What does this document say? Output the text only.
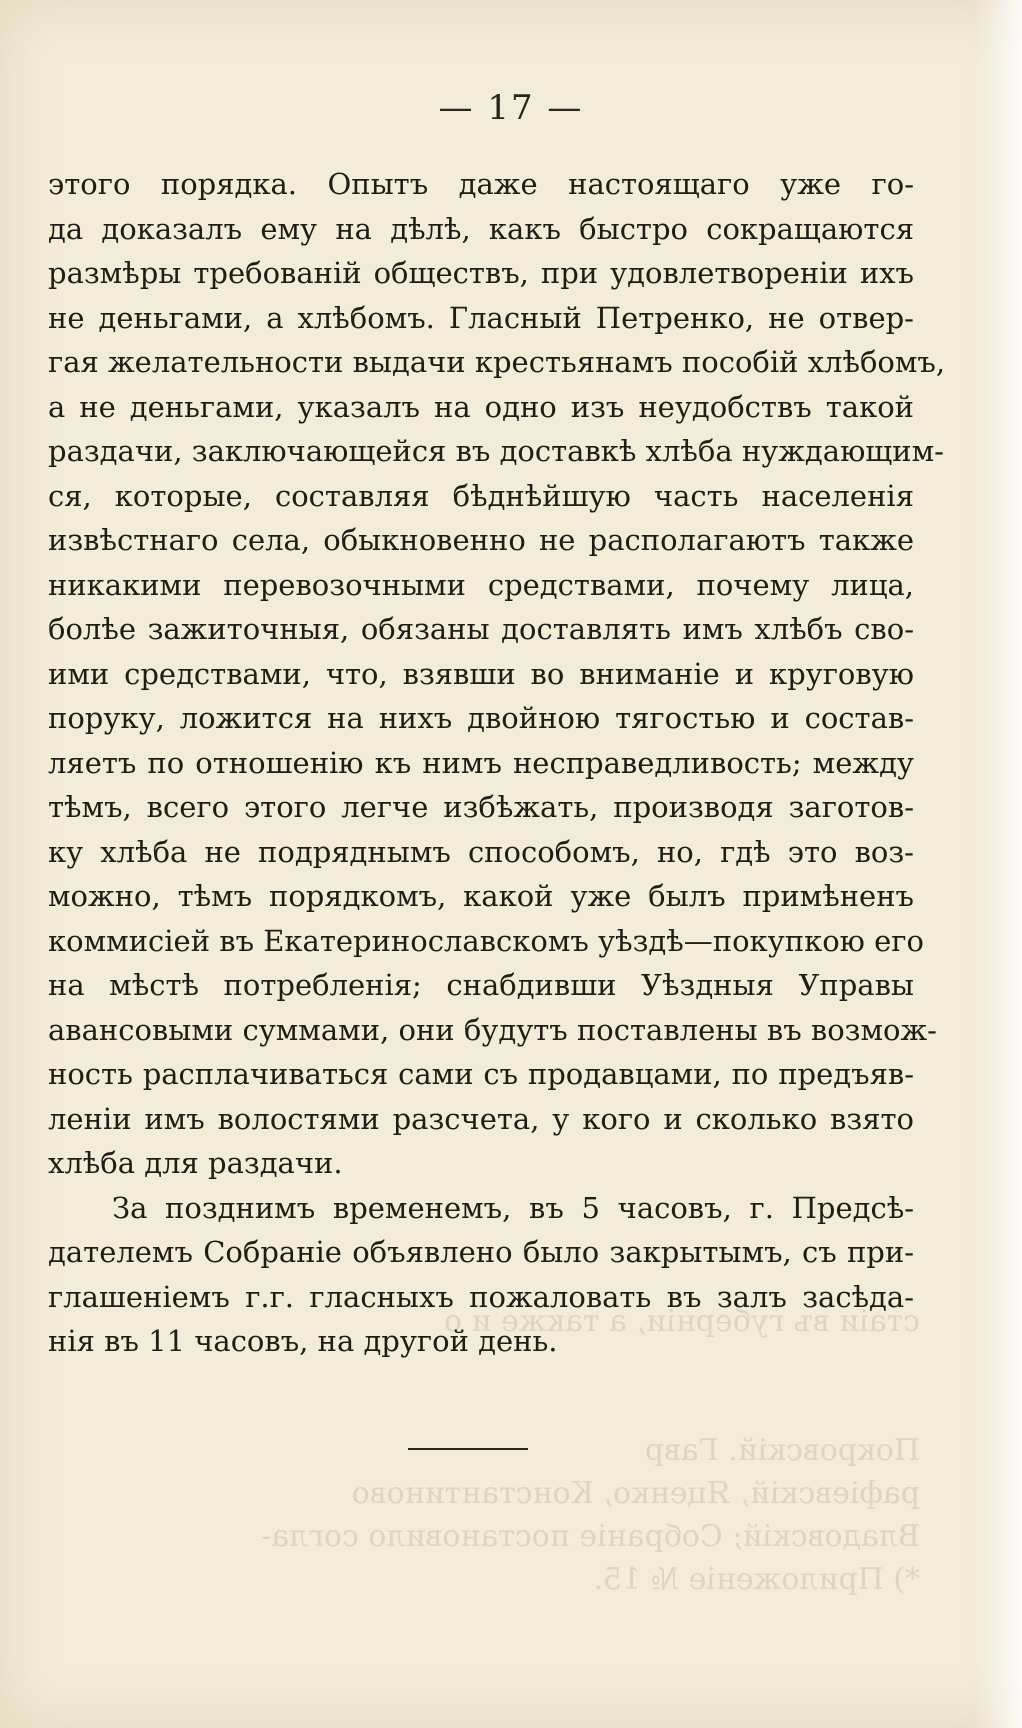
стаіи въ губерніи, а также и о

Покровскій. Гавр
рафіевскій, Яценко, Константиново
Владовскій; Собраніе постановило согла-
*) Приложеніе № 15.
— 17 —
этого порядка. Опытъ даже настоящаго уже го-
да доказалъ ему на дѣлѣ, какъ быстро сокращаются
размѣры требованій обществъ, при удовлетвореніи ихъ
не деньгами, а хлѣбомъ. Гласный Петренко, не отвер-
гая желательности выдачи крестьянамъ пособій хлѣбомъ,
а не деньгами, указалъ на одно изъ неудобствъ такой
раздачи, заключающейся въ доставкѣ хлѣба нуждающим-
ся, которые, составляя бѣднѣйшую часть населенія
извѣстнаго села, обыкновенно не располагаютъ также
никакими перевозочными средствами, почему лица,
болѣе зажиточныя, обязаны доставлять имъ хлѣбъ сво-
ими средствами, что, взявши во вниманіе и круговую
поруку, ложится на нихъ двойною тягостью и состав-
ляетъ по отношенію къ нимъ несправедливость; между
тѣмъ, всего этого легче избѣжать, производя заготов-
ку хлѣба не подряднымъ способомъ, но, гдѣ это воз-
можно, тѣмъ порядкомъ, какой уже былъ примѣненъ
коммисіей въ Екатеринославскомъ уѣздѣ—покупкою его
на мѣстѣ потребленія; снабдивши Уѣздныя Управы
авансовыми суммами, они будутъ поставлены въ возмож-
ность расплачиваться сами съ продавцами, по предъяв-
леніи имъ волостями разсчета, у кого и сколько взято
хлѣба для раздачи.
За позднимъ временемъ, въ 5 часовъ, г. Предсѣ-
дателемъ Собраніе объявлено было закрытымъ, съ при-
глашеніемъ г.г. гласныхъ пожаловать въ залъ засѣда-
нія въ 11 часовъ, на другой день.
